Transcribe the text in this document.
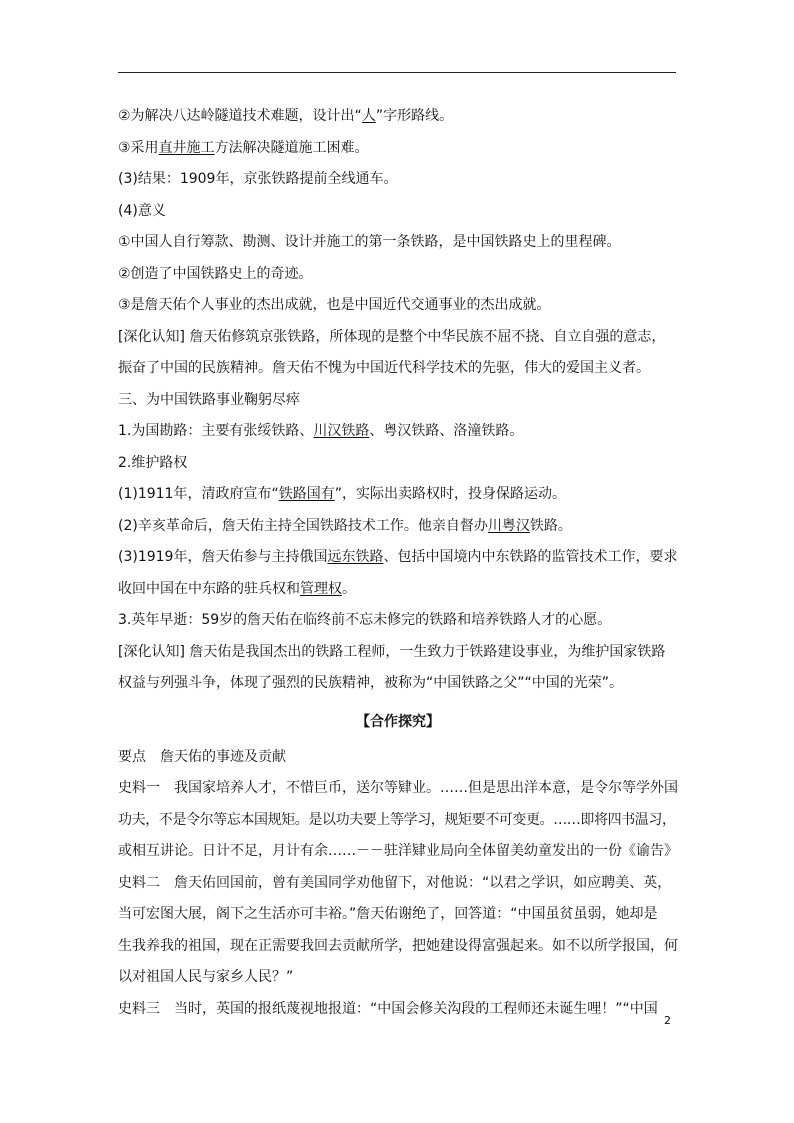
②为解决八达岭隧道技术难题，设计出“人”字形路线。
③采用直井施工方法解决隧道施工困难。
(3)结果：1909年，京张铁路提前全线通车。
(4)意义
①中国人自行筹款、勘测、设计并施工的第一条铁路，是中国铁路史上的里程碑。
②创造了中国铁路史上的奇迹。
③是詹天佑个人事业的杰出成就，也是中国近代交通事业的杰出成就。
[深化认知] 詹天佑修筑京张铁路，所体现的是整个中华民族不屈不挠、自立自强的意志，
振奋了中国的民族精神。詹天佑不愧为中国近代科学技术的先驱，伟大的爱国主义者。
三、为中国铁路事业鞠躬尽瘁
1.为国勘路：主要有张绥铁路、川汉铁路、粤汉铁路、洛潼铁路。
2.维护路权
(1)1911年，清政府宣布“铁路国有”，实际出卖路权时，投身保路运动。
(2)辛亥革命后，詹天佑主持全国铁路技术工作。他亲自督办川粤汉铁路。
(3)1919年，詹天佑参与主持俄国远东铁路、包括中国境内中东铁路的监管技术工作，要求
收回中国在中东路的驻兵权和管理权。
3.英年早逝：59岁的詹天佑在临终前不忘未修完的铁路和培养铁路人才的心愿。
[深化认知] 詹天佑是我国杰出的铁路工程师，一生致力于铁路建设事业，为维护国家铁路
权益与列强斗争，体现了强烈的民族精神，被称为“中国铁路之父”“中国的光荣”。
【合作探究】
要点　詹天佑的事迹及贡献
史料一　我国家培养人才，不惜巨币，送尔等肄业。……但是思出洋本意，是令尔等学外国
功夫，不是令尔等忘本国规矩。是以功夫要上等学习，规矩要不可变更。……即将四书温习，
或相互讲论。日计不足，月计有余……－－驻洋肄业局向全体留美幼童发出的一份《谕告》
史料二　詹天佑回国前，曾有美国同学劝他留下，对他说：“以君之学识，如应聘美、英，
当可宏图大展，阁下之生活亦可丰裕。”詹天佑谢绝了，回答道：“中国虽贫虽弱，她却是
生我养我的祖国，现在正需要我回去贡献所学，把她建设得富强起来。如不以所学报国，何
以对祖国人民与家乡人民？”
史料三　当时，英国的报纸蔑视地报道：“中国会修关沟段的工程师还未诞生哩！”“中国
2
